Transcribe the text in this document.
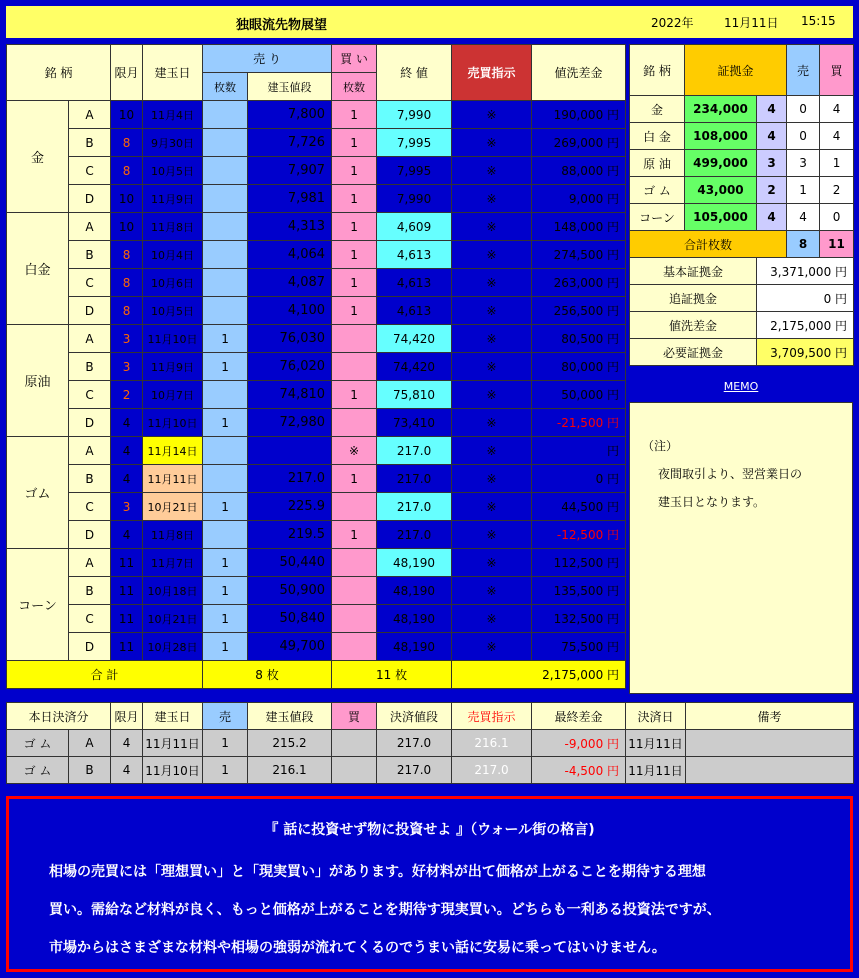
独眼流先物展望	2022年	11月11日 15:15
銘 柄		限月	建玉日	売 り		買 い	終 値	売買指示	値洗差金
				枚数	建玉値段	枚数			
金	A	10	11月4日		7,800	1	7,990	※	190,000 円
	B	8	9月30日		7,726	1	7,995	※	269,000 円
	C	8	10月5日		7,907	1	7,995	※	88,000 円
	D	10	11月9日		7,981	1	7,990	※	9,000 円
白金	A	10	11月8日		4,313	1	4,609	※	148,000 円
	B	8	10月4日		4,064	1	4,613	※	274,500 円
	C	8	10月6日		4,087	1	4,613	※	263,000 円
	D	8	10月5日		4,100	1	4,613	※	256,500 円
原油	A	3	11月10日	1	76,030		74,420	※	80,500 円
	B	3	11月9日	1	76,020		74,420	※	80,000 円
	C	2	10月7日		74,810	1	75,810	※	50,000 円
	D	4	11月10日	1	72,980		73,410	※	-21,500 円
ゴム	A	4	11月14日			※	217.0	※	円
	B	4	11月11日		217.0	1	217.0	※	0 円
	C	3	10月21日	1	225.9		217.0	※	44,500 円
	D	4	11月8日		219.5	1	217.0	※	-12,500 円
コーン	A	11	11月7日	1	50,440		48,190	※	112,500 円
	B	11	10月18日	1	50,900		48,190	※	135,500 円
	C	11	10月21日	1	50,840		48,190	※	132,500 円
	D	11	10月28日	1	49,700		48,190	※	75,500 円
合 計				8 枚		11 枚		2,175,000 円	
銘 柄	証拠金		売	買
金	234,000	4	0	4
白 金	108,000	4	0	4
原 油	499,000	3	3	1
ゴ ム	43,000	2	1	2
コーン	105,000	4	4	0
合計枚数			8	11
基本証拠金		3,371,000 円		
追証拠金		0 円		
値洗差金		2,175,000 円		
必要証拠金		3,709,500 円		
MEMO

（注）

夜間取引より、翌営業日の

建玉日となります。

本日決済分		限月	建玉日	売	建玉値段	買	決済値段	売買指示	最終差金	決済日	備考
ゴ ム	A	4	11月11日	1	215.2		217.0	216.1	-9,000 円	11月11日	
ゴ ム	B	4	11月10日	1	216.1		217.0	217.0	-4,500 円	11月11日	
『 話に投資せず物に投資せよ 』（ウォール街の格言)
相場の売買には「理想買い」と「現実買い」があります。好材料が出て価格が上がることを期待する理想
買い。需給など材料が良く、もっと価格が上がることを期待す現実買い。どちらも一利ある投資法ですが、
市場からはさまざまな材料や相場の強弱が流れてくるのでうまい話に安易に乗ってはいけません。
